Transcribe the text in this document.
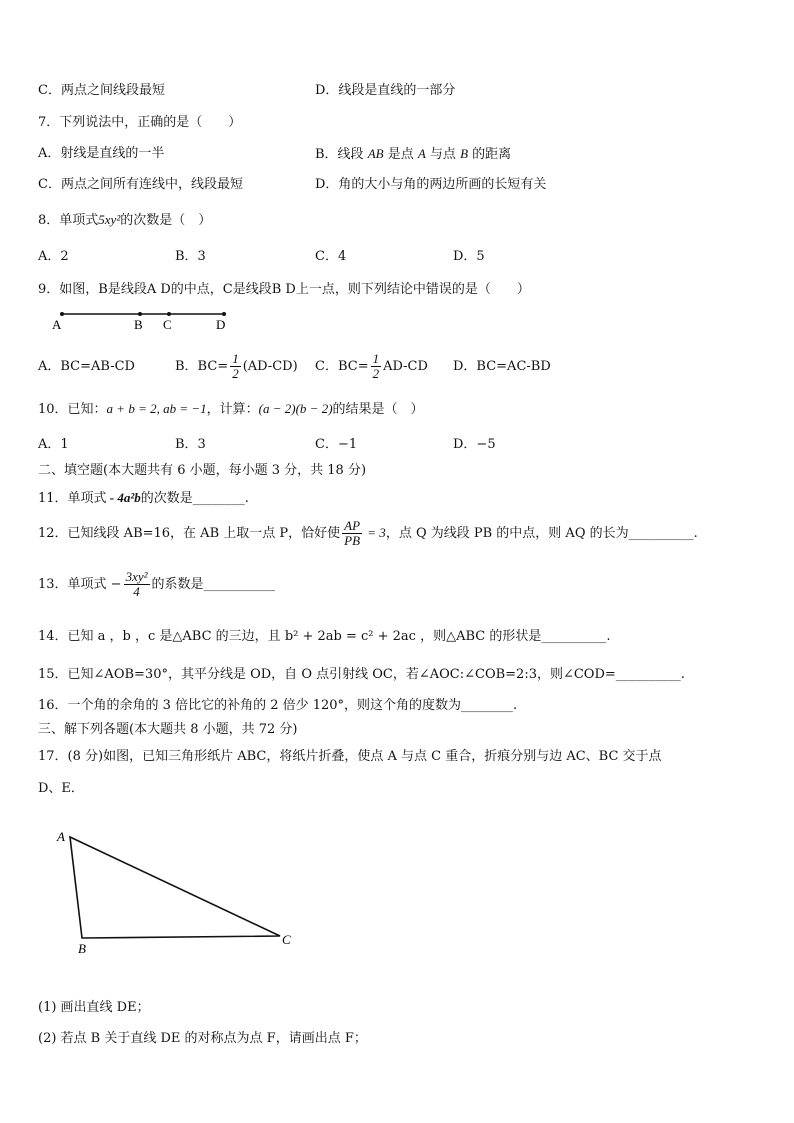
C．两点之间线段最短	D．线段是直线的一部分
7．下列说法中，正确的是（　　）
A．射线是直线的一半	B．线段 AB 是点 A 与点 B 的距离
C．两点之间所有连线中，线段最短	D．角的大小与角的两边所画的长短有关
8．单项式5xy²的次数是（　）
A．2	B．3	C．4	D．5
9．如图，B是线段A D的中点，C是线段B D上一点，则下列结论中错误的是（　　）
A	B C	D
A．BC=AB-CD	B．$BC= \frac{1}{2} (AD-CD)$ C．$BC= \frac{1}{2} AD-CD$ D．BC=AC-BD
10．已知：a + b = 2, ab = −1，计算：(a − 2)(b − 2)的结果是（　）
A．1	B．3	C．−1	D．−5
二、填空题(本大题共有 6 小题，每小题 3 分，共 18 分)
11．单项式 - 4a²b的次数是________.
12．已知线段 AB=16，在 AB 上取一点 P，恰好使 $\frac{AP}{PB} = 3$，点 Q 为线段 PB 的中点，则 AQ 的长为__________.
13．单项式 − $\frac{\text{3xy²}}{4}$ 的系数是___________
14．已知 a ，b ，c 是△ABC 的三边，且 b² + 2ab = c² + 2ac ，则△ABC 的形状是__________.
15．已知∠AOB=30°，其平分线是 OD，自 O 点引射线 OC，若∠AOC:∠COB=2:3，则∠COD=__________.
16．一个角的余角的 3 倍比它的补角的 2 倍少 120°，则这个角的度数为________.
三、解下列各题(本大题共 8 小题，共 72 分)
17．(8 分)如图，已知三角形纸片 ABC，将纸片折叠，使点 A 与点 C 重合，折痕分别与边 AC、BC 交于点
D、E．
A
B
C
(1) 画出直线 DE；
(2) 若点 B 关于直线 DE 的对称点为点 F，请画出点 F；
